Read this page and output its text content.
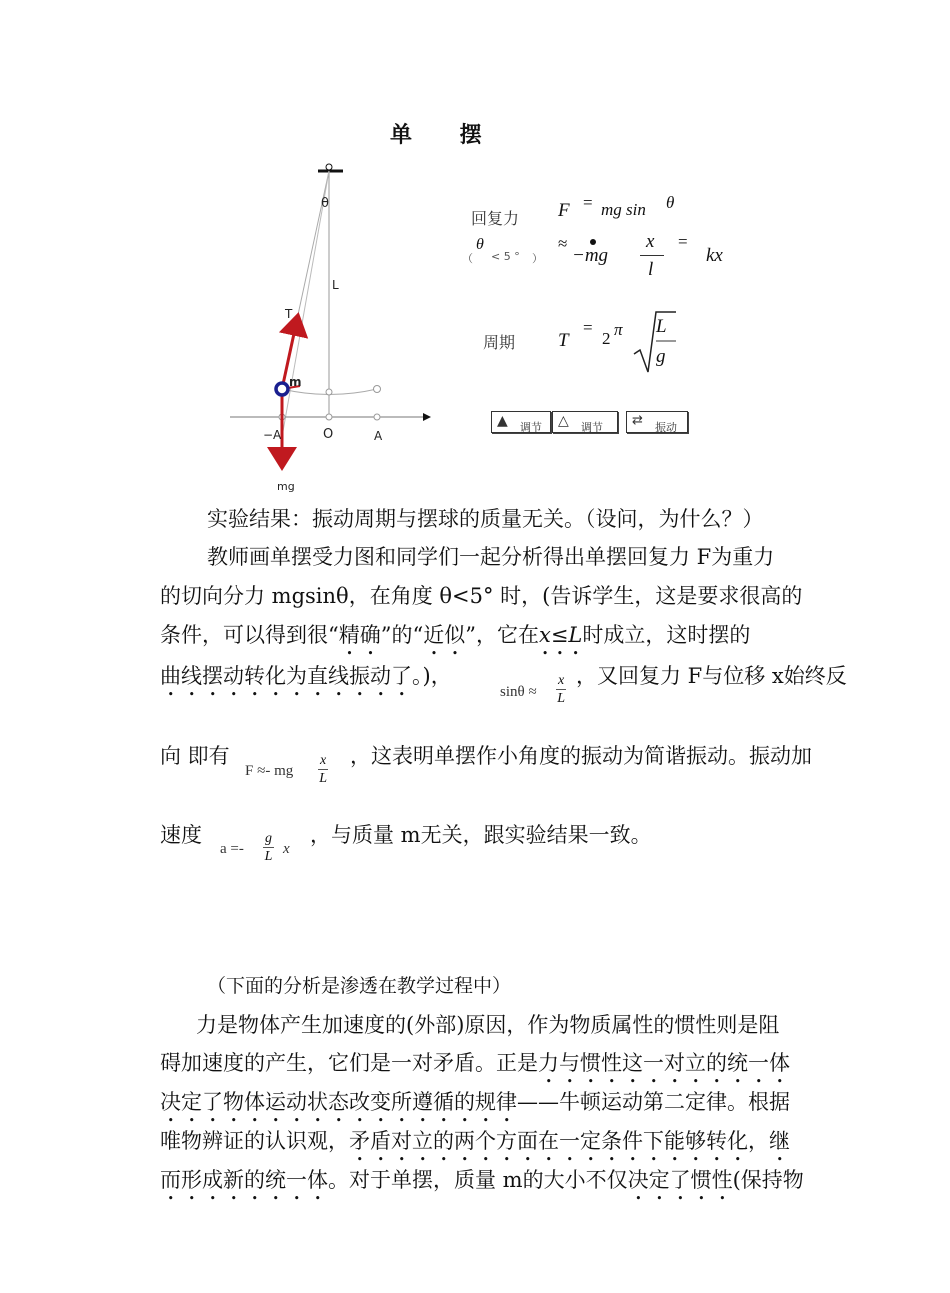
单 摆
θ
L
T
m
−A	O	A
mg
回复力 F = mg sin θ
（
θ
< 5 ° ）
≈
−mg
x
l
=
kx
周期 T
=
2 π L
g
▲ 调节 △ 调节 ⇄ 振动
实验结果：振动周期与摆球的质量无关。（设问，为什么？）
教师画单摆受力图和同学们一起分析得出单摆回复力 F为重力
的切向分力 mgsinθ，在角度 θ<5° 时，(告诉学生，这是要求很高的
条件，可以得到很“精确”的“近似”，它在x≤L时成立，这时摆的
曲线摆动转化为直线振动了。)，
$\sin\theta \approx \frac{x}{L}$ ，又回复力 F与位移 x始终反
向 即有
F ≈- mg $\frac{x}{L}$ ，这表明单摆作小角度的振动为简谐振动。振动加
速度
$a =- \frac{g}{L}$ x
，与质量 m无关，跟实验结果一致。
（下面的分析是渗透在教学过程中）
力是物体产生加速度的(外部)原因，作为物质属性的惯性则是阻
碍加速度的产生，它们是一对矛盾。正是力与惯性这一对立的统一体
决定了物体运动状态改变所遵循的规律——牛顿运动第二定律。根据
唯物辨证的认识观，矛盾对立的两个方面在一定条件下能够转化，继
而形成新的统一体。对于单摆，质量 m的大小不仅决定了惯性(保持物
